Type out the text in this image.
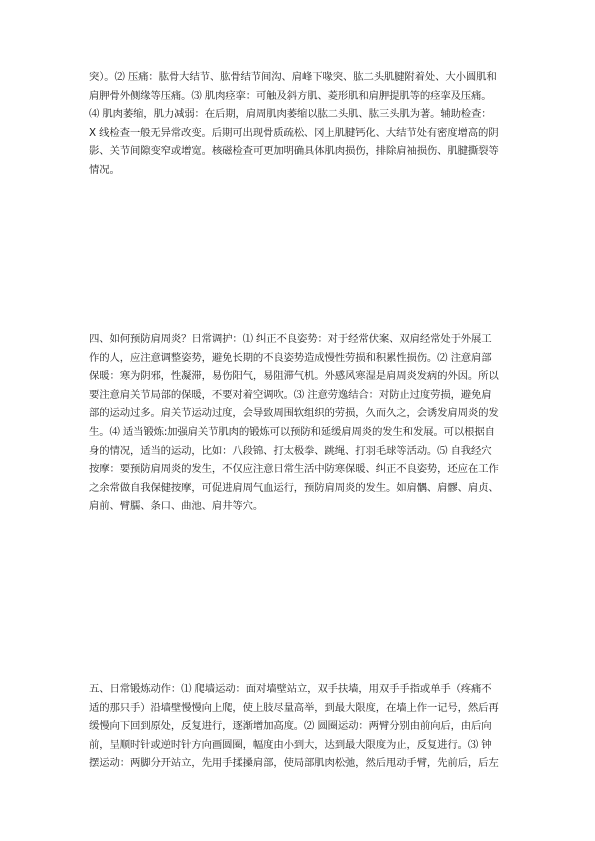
突）。⑵ 压痛：肱骨大结节、肱骨结节间沟、肩峰下喙突、肱二头肌腱附着处、大小圆肌和
肩胛骨外侧缘等压痛。⑶ 肌肉痉挛：可触及斜方肌、菱形肌和肩胛提肌等的痉挛及压痛。
⑷ 肌肉萎缩，肌力减弱：在后期，肩周肌肉萎缩以肱二头肌、肱三头肌为著。辅助检查：
X 线检查一般无异常改变。后期可出现骨质疏松、冈上肌腱钙化、大结节处有密度增高的阴
影、关节间隙变窄或增宽。核磁检查可更加明确具体肌肉损伤，排除肩袖损伤、肌腱撕裂等
情况。
四、如何预防肩周炎？日常调护：⑴ 纠正不良姿势：对于经常伏案、双肩经常处于外展工
作的人，应注意调整姿势，避免长期的不良姿势造成慢性劳损和积累性损伤。⑵ 注意肩部
保暖：寒为阴邪，性凝滞，易伤阳气，易阻滞气机。外感风寒湿是肩周炎发病的外因。所以
要注意肩关节局部的保暖，不要对着空调吹。⑶ 注意劳逸结合：对防止过度劳损，避免肩
部的运动过多。肩关节运动过度，会导致周围软组织的劳损，久而久之，会诱发肩周炎的发
生。⑷ 适当锻炼:加强肩关节肌肉的锻炼可以预防和延缓肩周炎的发生和发展。可以根据自
身的情况，适当的运动，比如：八段锦、打太极拳、跳绳、打羽毛球等活动。⑸ 自我经穴
按摩：要预防肩周炎的发生，不仅应注意日常生活中防寒保暖、纠正不良姿势，还应在工作
之余常做自我保健按摩，可促进肩周气血运行，预防肩周炎的发生。如肩髃、肩髎、肩贞、
肩前、臂臑、条口、曲池、肩井等穴。
五、日常锻炼动作：⑴ 爬墙运动：面对墙壁站立，双手扶墙，用双手手指或单手（疼痛不
适的那只手）沿墙壁慢慢向上爬，使上肢尽量高举，到最大限度，在墙上作一记号，然后再
缓慢向下回到原处，反复进行，逐渐增加高度。⑵ 圆圈运动：两臂分别由前向后，由后向
前，呈顺时针或逆时针方向画圆圈，幅度由小到大，达到最大限度为止，反复进行。⑶ 钟
摆运动：两脚分开站立，先用手揉搡肩部，使局部肌肉松弛，然后甩动手臂，先前后，后左
